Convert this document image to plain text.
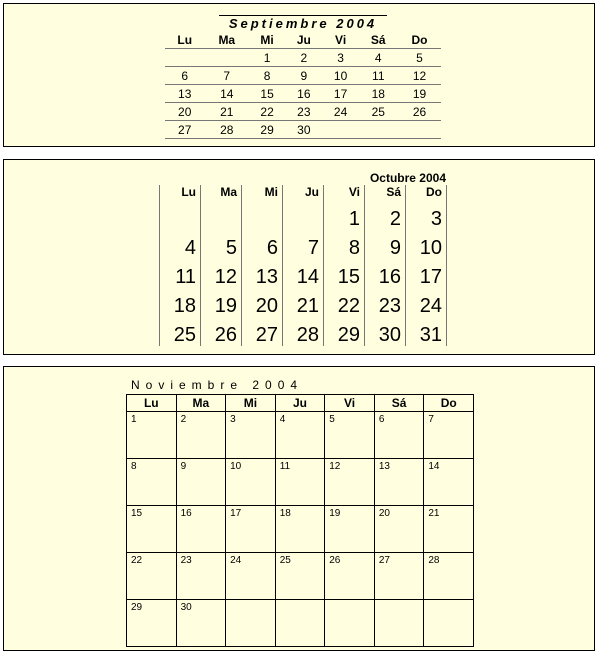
Septiembre 2004
Lu	Ma	Mi	Ju	Vi	Sá	Do
		1	2	3	4	5
6	7	8	9	10	11	12
13	14	15	16	17	18	19
20	21	22	23	24	25	26
27	28	29	30			
Octubre 2004
Lu	Ma	Mi	Ju	Vi	Sá	Do
				1	2	3
4	5	6	7	8	9	10
11	12	13	14	15	16	17
18	19	20	21	22	23	24
25	26	27	28	29	30	31
Noviembre 2004
Lu	Ma	Mi	Ju	Vi	Sá	Do
1	2	3	4	5	6	7
8	9	10	11	12	13	14
15	16	17	18	19	20	21
22	23	24	25	26	27	28
29	30					
